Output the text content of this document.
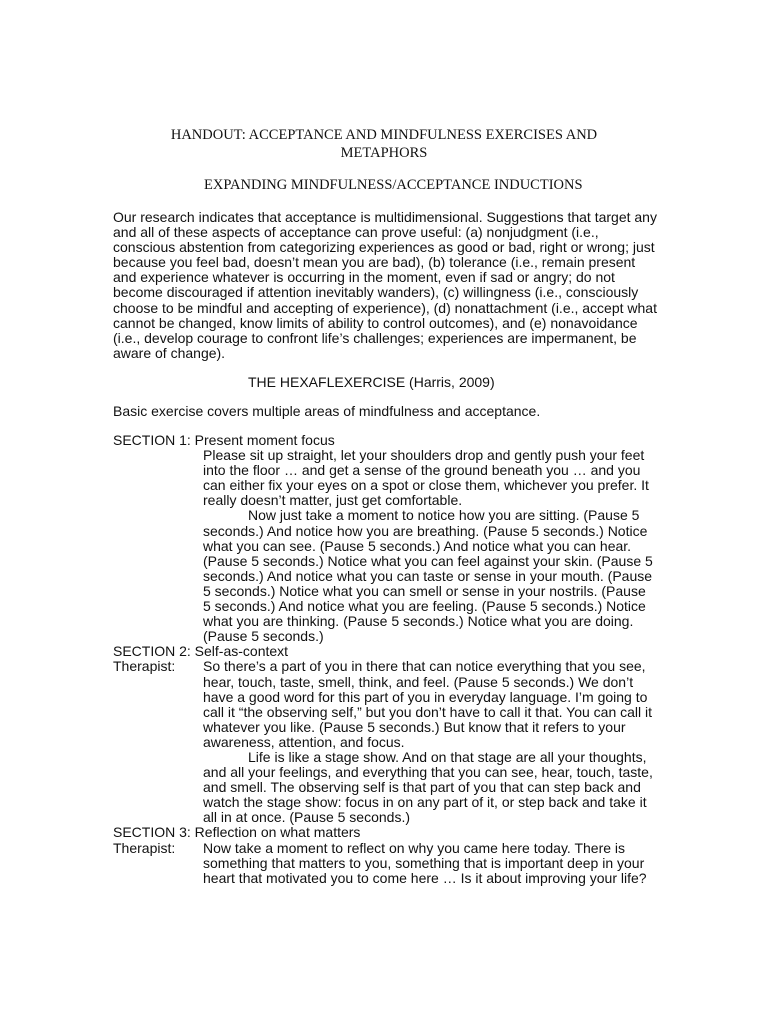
HANDOUT: ACCEPTANCE AND MINDFULNESS EXERCISES AND
METAPHORS
EXPANDING MINDFULNESS/ACCEPTANCE INDUCTIONS

Our research indicates that acceptance is multidimensional. Suggestions that target any and all of these aspects of acceptance can prove useful: (a) nonjudgment (i.e., conscious abstention from categorizing experiences as good or bad, right or wrong; just because you feel bad, doesn’t mean you are bad), (b) tolerance (i.e., remain present and experience whatever is occurring in the moment, even if sad or angry; do not become discouraged if attention inevitably wanders), (c) willingness (i.e., consciously choose to be mindful and accepting of experience), (d) nonattachment (i.e., accept what cannot be changed, know limits of ability to control outcomes), and (e) nonavoidance (i.e., develop courage to confront life’s challenges; experiences are impermanent, be aware of change).

THE HEXAFLEXERCISE (Harris, 2009)
Basic exercise covers multiple areas of mindfulness and acceptance.

SECTION 1: Present moment focus

Please sit up straight, let your shoulders drop and gently push your feet into the floor … and get a sense of the ground beneath you … and you can either fix your eyes on a spot or close them, whichever you prefer. It really doesn’t matter, just get comfortable.

Now just take a moment to notice how you are sitting. (Pause 5 seconds.) And notice how you are breathing. (Pause 5 seconds.) Notice what you can see. (Pause 5 seconds.) And notice what you can hear. (Pause 5 seconds.) Notice what you can feel against your skin. (Pause 5 seconds.) And notice what you can taste or sense in your mouth. (Pause 5 seconds.) Notice what you can smell or sense in your nostrils. (Pause 5 seconds.) And notice what you are feeling. (Pause 5 seconds.) Notice what you are thinking. (Pause 5 seconds.) Notice what you are doing. (Pause 5 seconds.)

SECTION 2: Self-as-context

Therapist:	So there’s a part of you in there that can notice everything that you see, hear, touch, taste, smell, think, and feel. (Pause 5 seconds.) We don’t have a good word for this part of you in everyday language. I’m going to call it “the observing self,” but you don’t have to call it that. You can call it whatever you like. (Pause 5 seconds.) But know that it refers to your awareness, attention, and focus.

Life is like a stage show. And on that stage are all your thoughts, and all your feelings, and everything that you can see, hear, touch, taste, and smell. The observing self is that part of you that can step back and watch the stage show: focus in on any part of it, or step back and take it all in at once. (Pause 5 seconds.)

SECTION 3: Reflection on what matters

Therapist:	Now take a moment to reflect on why you came here today. There is something that matters to you, something that is important deep in your heart that motivated you to come here … Is it about improving your life?
